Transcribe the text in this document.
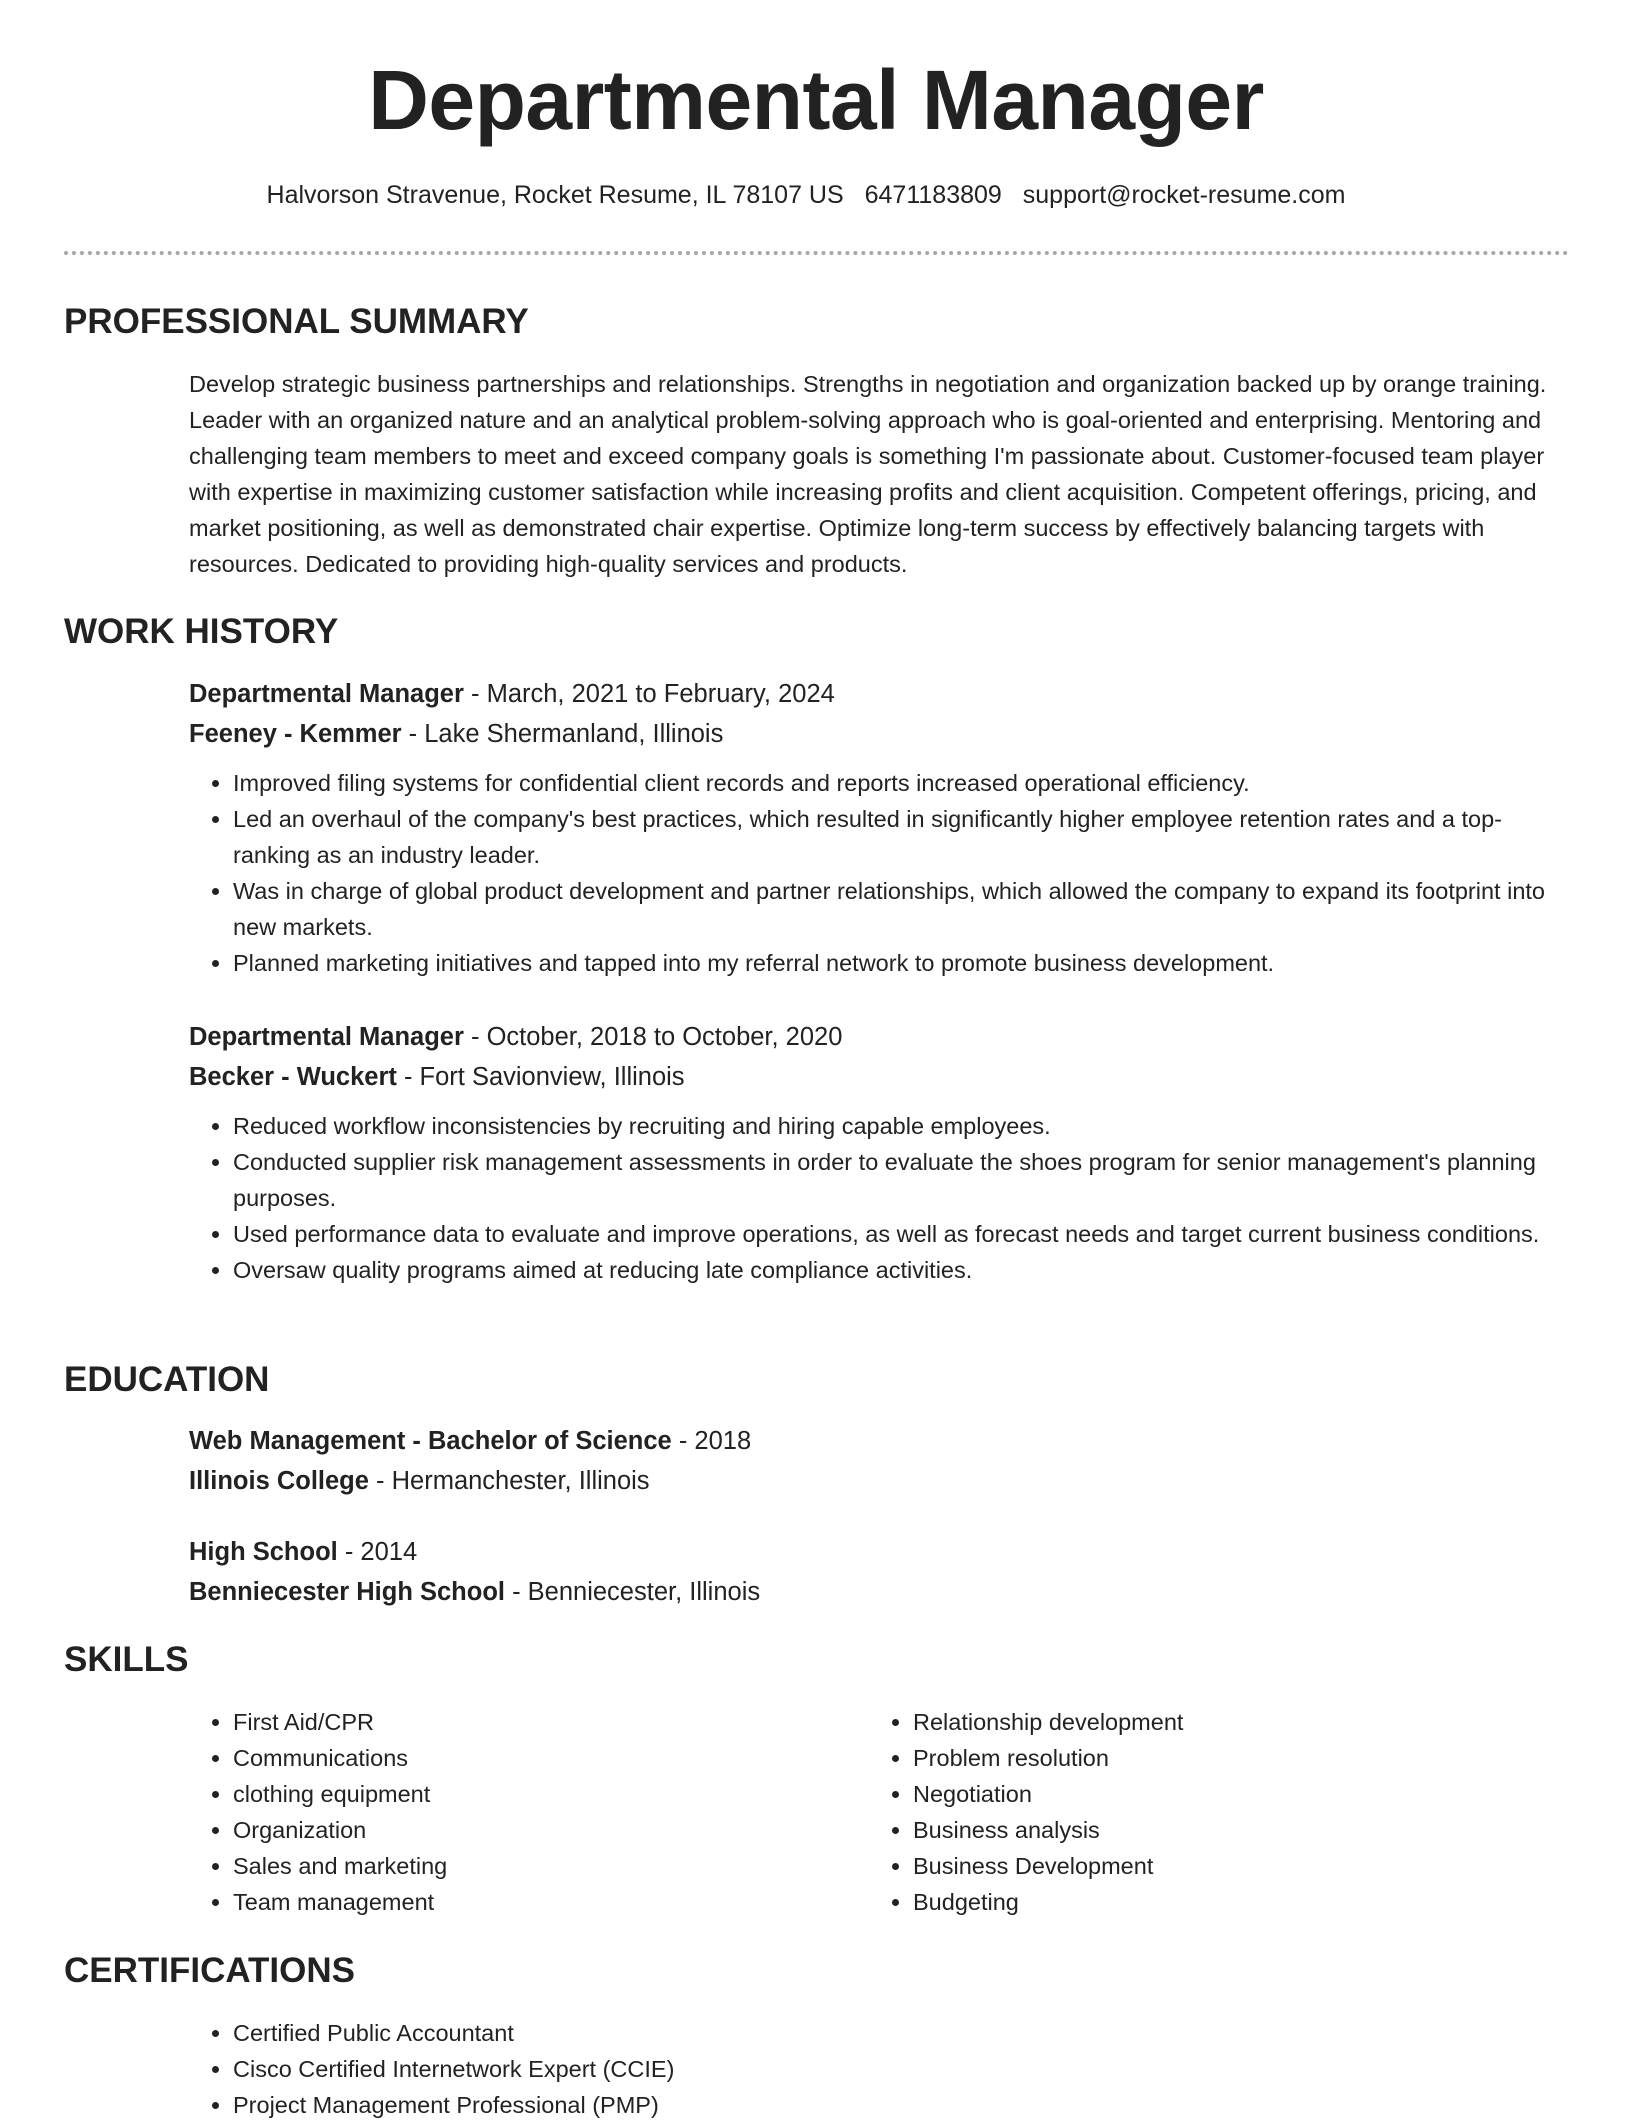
Departmental Manager
Halvorson Stravenue, Rocket Resume, IL 78107 US 6471183809 support@rocket-resume.com
PROFESSIONAL SUMMARY

Develop strategic business partnerships and relationships. Strengths in negotiation and organization backed up by orange training. Leader with an organized nature and an analytical problem-solving approach who is goal-oriented and enterprising. Mentoring and challenging team members to meet and exceed company goals is something I'm passionate about. Customer-focused team player with expertise in maximizing customer satisfaction while increasing profits and client acquisition. Competent offerings, pricing, and market positioning, as well as demonstrated chair expertise. Optimize long-term success by effectively balancing targets with resources. Dedicated to providing high-quality services and products.

WORK HISTORY
Departmental Manager - March, 2021 to February, 2024
Feeney - Kemmer - Lake Shermanland, Illinois
• Improved filing systems for confidential client records and reports increased operational efficiency.
• Led an overhaul of the company's best practices, which resulted in significantly higher employee retention rates and a top-ranking as an industry leader.
• Was in charge of global product development and partner relationships, which allowed the company to expand its footprint into new markets.
• Planned marketing initiatives and tapped into my referral network to promote business development.
Departmental Manager - October, 2018 to October, 2020
Becker - Wuckert - Fort Savionview, Illinois
• Reduced workflow inconsistencies by recruiting and hiring capable employees.
• Conducted supplier risk management assessments in order to evaluate the shoes program for senior management's planning purposes.
• Used performance data to evaluate and improve operations, as well as forecast needs and target current business conditions.
• Oversaw quality programs aimed at reducing late compliance activities.
EDUCATION
Web Management - Bachelor of Science - 2018
Illinois College - Hermanchester, Illinois
High School - 2014
Benniecester High School - Benniecester, Illinois
SKILLS
• First Aid/CPR
• Communications
• clothing equipment
• Organization
• Sales and marketing
• Team management
• Relationship development
• Problem resolution
• Negotiation
• Business analysis
• Business Development
• Budgeting
CERTIFICATIONS
• Certified Public Accountant
• Cisco Certified Internetwork Expert (CCIE)
• Project Management Professional (PMP)
